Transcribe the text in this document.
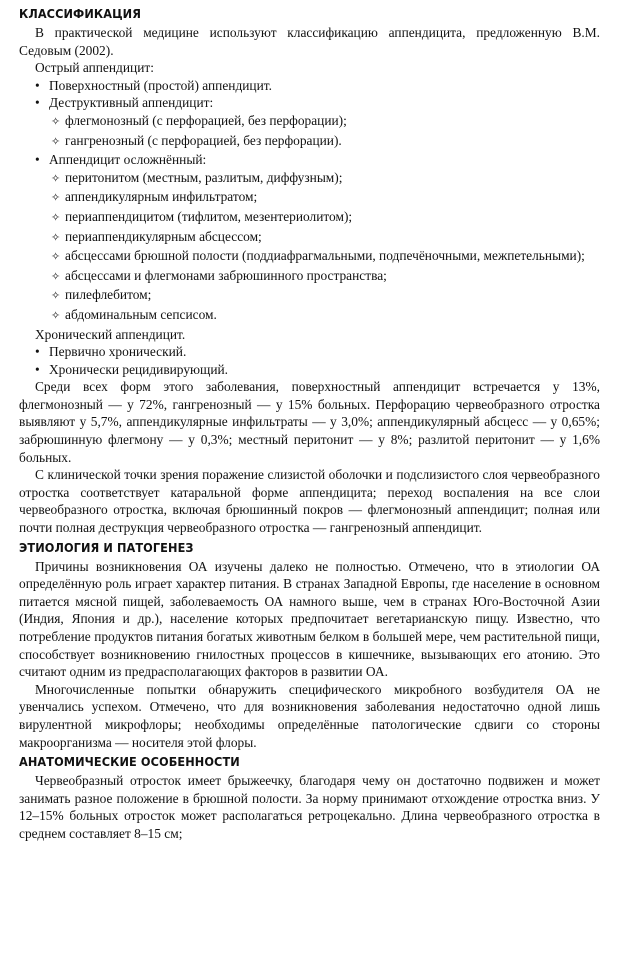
КЛАССИФИКАЦИЯ

В практической медицине используют классификацию аппендицита, предложенную В.М. Седовым (2002).

Острый аппендицит:

• Поверхностный (простой) аппендицит.

• Деструктивный аппендицит:

✧ флегмонозный (с перфорацией, без перфорации);

✧ гангренозный (с перфорацией, без перфорации).

• Аппендицит осложнённый:

✧ перитонитом (местным, разлитым, диффузным);

✧ аппендикулярным инфильтратом;

✧ периаппендицитом (тифлитом, мезентериолитом);

✧ периаппендикулярным абсцессом;

✧ абсцессами брюшной полости (поддиафрагмальными, подпечёночными, межпетельными);

✧ абсцессами и флегмонами забрюшинного пространства;

✧ пилефлебитом;

✧ абдоминальным сепсисом.

Хронический аппендицит.

• Первично хронический.

• Хронически рецидивирующий.

Среди всех форм этого заболевания, поверхностный аппендицит встречается у 13%, флегмонозный — у 72%, гангренозный — у 15% больных. Перфорацию червеобразного отростка выявляют у 5,7%, аппендикулярные инфильтраты — у 3,0%; аппендикулярный абсцесс — у 0,65%; забрюшинную флегмону — у 0,3%; местный перитонит — у 8%; разлитой перитонит — у 1,6% больных.

С клинической точки зрения поражение слизистой оболочки и подслизистого слоя червеобразного отростка соответствует катаральной форме аппендицита; переход воспаления на все слои червеобразного отростка, включая брюшинный покров — флегмонозный аппендицит; полная или почти полная деструкция червеобразного отростка — гангренозный аппендицит.

ЭТИОЛОГИЯ И ПАТОГЕНЕЗ

Причины возникновения ОА изучены далеко не полностью. Отмечено, что в этиологии ОА определённую роль играет характер питания. В странах Западной Европы, где население в основном питается мясной пищей, заболеваемость ОА намного выше, чем в странах Юго-Восточной Азии (Индия, Япония и др.), население которых предпочитает вегетарианскую пищу. Известно, что потребление продуктов питания богатых животным белком в большей мере, чем растительной пищи, способствует возникновению гнилостных процессов в кишечнике, вызывающих его атонию. Это считают одним из предрасполагающих факторов в развитии ОА.

Многочисленные попытки обнаружить специфического микробного возбудителя ОА не увенчались успехом. Отмечено, что для возникновения заболевания недостаточно одной лишь вирулентной микрофлоры; необходимы определённые патологические сдвиги со стороны макроорганизма — носителя этой флоры.

АНАТОМИЧЕСКИЕ ОСОБЕННОСТИ

Червеобразный отросток имеет брыжеечку, благодаря чему он достаточно подвижен и может занимать разное положение в брюшной полости. За норму принимают отхождение отростка вниз. У 12–15% больных отросток может располагаться ретроцекально. Длина червеобразного отростка в среднем составляет 8–15 см;
